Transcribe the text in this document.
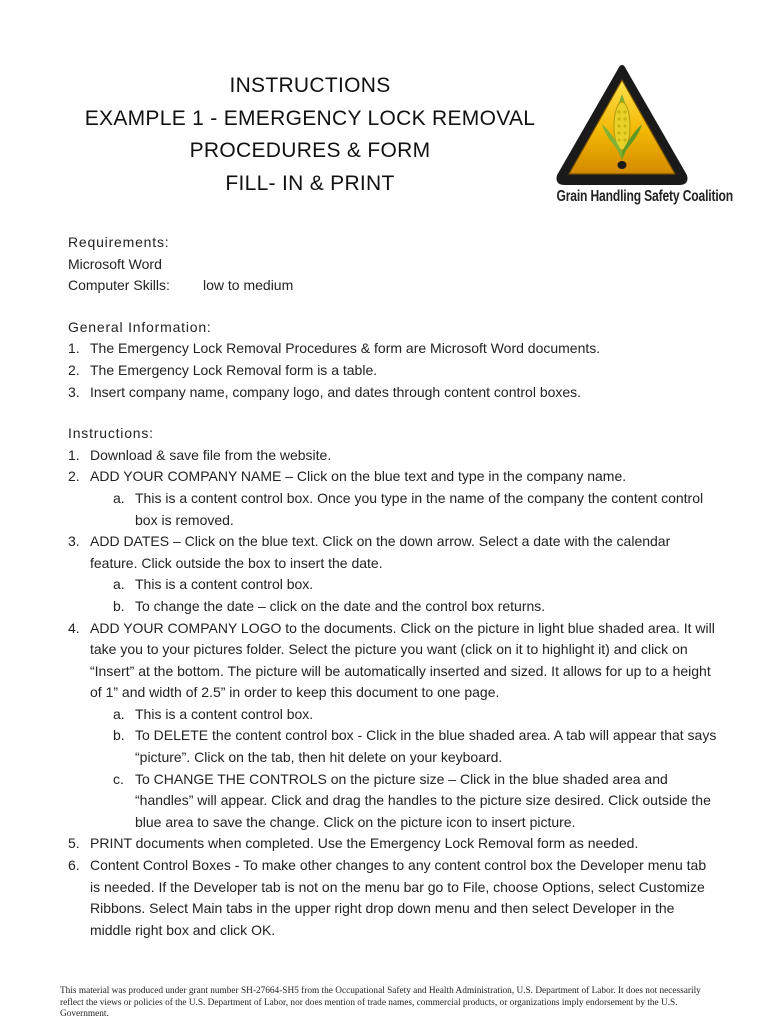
INSTRUCTIONS
EXAMPLE 1 - EMERGENCY LOCK REMOVAL
PROCEDURES & FORM
FILL- IN & PRINT
Grain Handling Safety Coalition
Requirements:
Microsoft Word
Computer Skills:	low to medium
General Information:
1. The Emergency Lock Removal Procedures & form are Microsoft Word documents.
2. The Emergency Lock Removal form is a table.
3. Insert company name, company logo, and dates through content control boxes.
Instructions:
1. Download & save file from the website.
2. ADD YOUR COMPANY NAME – Click on the blue text and type in the company name.
a. This is a content control box. Once you type in the name of the company the content control box is removed.
3. ADD DATES – Click on the blue text. Click on the down arrow. Select a date with the calendar feature. Click outside the box to insert the date.
a. This is a content control box.
b. To change the date – click on the date and the control box returns.
4. ADD YOUR COMPANY LOGO to the documents. Click on the picture in light blue shaded area. It will take you to your pictures folder. Select the picture you want (click on it to highlight it) and click on “Insert” at the bottom. The picture will be automatically inserted and sized. It allows for up to a height of 1” and width of 2.5” in order to keep this document to one page.
a. This is a content control box.
b. To DELETE the content control box - Click in the blue shaded area. A tab will appear that says “picture”. Click on the tab, then hit delete on your keyboard.
c. To CHANGE THE CONTROLS on the picture size – Click in the blue shaded area and “handles” will appear. Click and drag the handles to the picture size desired. Click outside the blue area to save the change. Click on the picture icon to insert picture.
5. PRINT documents when completed. Use the Emergency Lock Removal form as needed.
6. Content Control Boxes - To make other changes to any content control box the Developer menu tab is needed. If the Developer tab is not on the menu bar go to File, choose Options, select Customize Ribbons. Select Main tabs in the upper right drop down menu and then select Developer in the middle right box and click OK.
This material was produced under grant number SH-27664-SH5 from the Occupational Safety and Health Administration, U.S. Department of Labor. It does not necessarily reflect the views or policies of the U.S. Department of Labor, nor does mention of trade names, commercial products, or organizations imply endorsement by the U.S. Government.
